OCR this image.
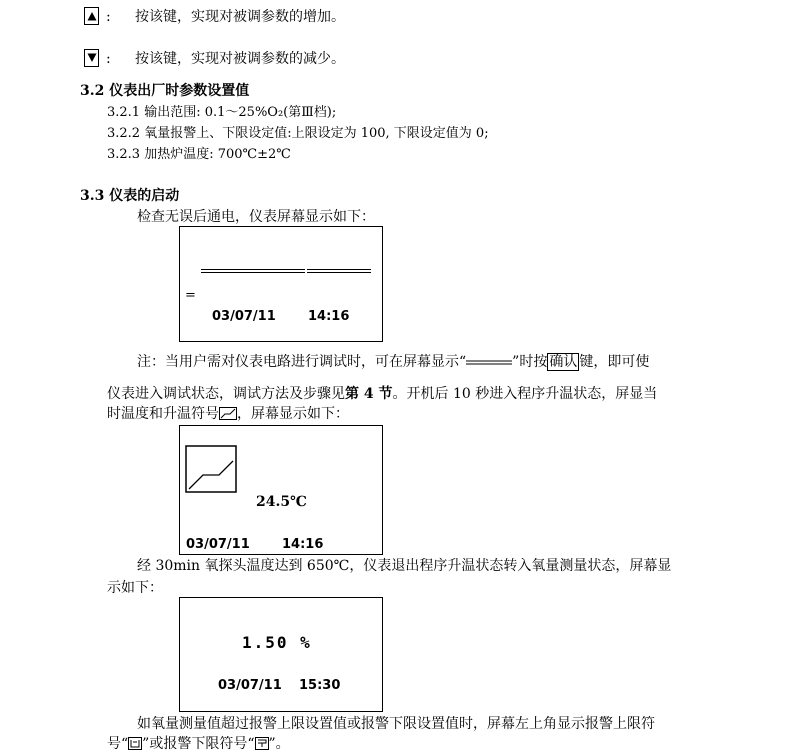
: 按该键，实现对被调参数的增加。
: 按该键，实现对被调参数的减少。
3.2 仪表出厂时参数设置值
3.2.1 输出范围: 0.1～25%O₂(第Ⅲ档);
3.2.2 氧量报警上、下限设定值:上限设定为 100, 下限设定值为 0;
3.2.3 加热炉温度: 700℃±2℃
3.3 仪表的启动
检查无误后通电，仪表屏幕显示如下：
=
03/07/11 14:16
注：当用户需对仪表电路进行调试时，可在屏幕显示“	”时按 确认 键，即可使
仪表进入调试状态，调试方法及步骤见第 4 节。开机后 10 秒进入程序升温状态，屏显当
时温度和升温符号 ，屏幕显示如下：
24.5℃
03/07/11 14:16
经 30min 氧探头温度达到 650℃，仪表退出程序升温状态转入氧量测量状态，屏幕显
示如下：
1.50 %
03/07/11 15:30
如氧量测量值超过报警上限设置值或报警下限设置值时，屏幕左上角显示报警上限符
号“ ”或报警下限符号“ ”。
